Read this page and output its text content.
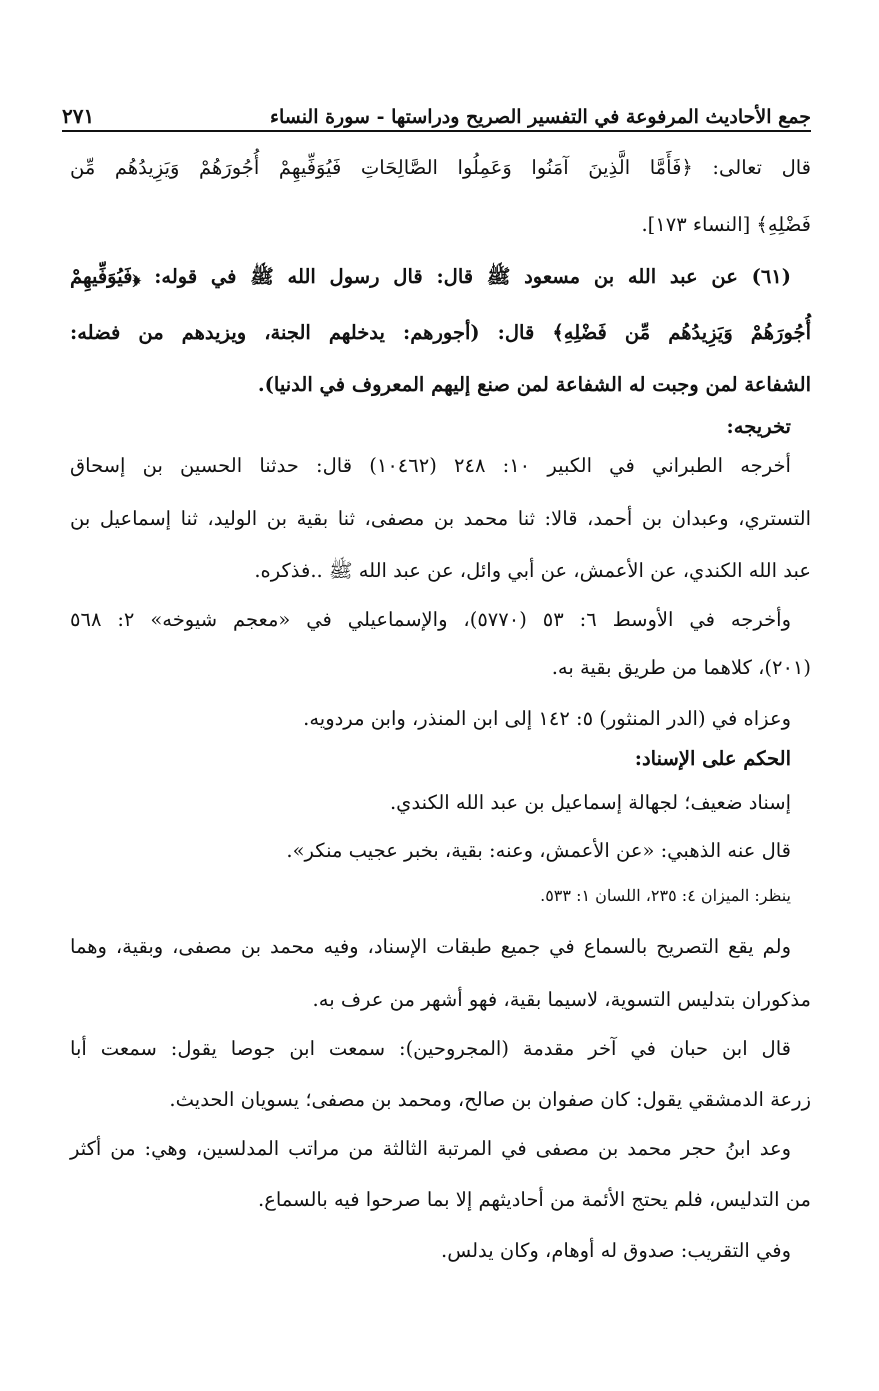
جمع الأحاديث المرفوعة في التفسير الصريح ودراستها - سورة النساء
٢٧١
قال تعالى: ﴿فَأَمَّا الَّذِينَ آمَنُوا وَعَمِلُوا الصَّالِحَاتِ فَيُوَفِّيهِمْ أُجُورَهُمْ وَيَزِيدُهُم مِّن
فَضْلِهِ﴾ [النساء ١٧٣].
(٦١) عن عبد الله بن مسعود ﷺ قال: قال رسول الله ﷺ في قوله: ﴿فَيُوَفِّيهِمْ
أُجُورَهُمْ وَيَزِيدُهُم مِّن فَضْلِهِ﴾ قال: (أجورهم: يدخلهم الجنة، ويزيدهم من فضله:
الشفاعة لمن وجبت له الشفاعة لمن صنع إليهم المعروف في الدنيا).
تخريجه:
أخرجه الطبراني في الكبير ١٠: ٢٤٨ (١٠٤٦٢) قال: حدثنا الحسين بن إسحاق
التستري، وعبدان بن أحمد، قالا: ثنا محمد بن مصفى، ثنا بقية بن الوليد، ثنا إسماعيل بن
عبد الله الكندي، عن الأعمش، عن أبي وائل، عن عبد الله ﷺ ..فذكره.
وأخرجه في الأوسط ٦: ٥٣ (٥٧٧٠)، والإسماعيلي في «معجم شيوخه» ٢: ٥٦٨
(٢٠١)، كلاهما من طريق بقية به.
وعزاه في (الدر المنثور) ٥: ١٤٢ إلى ابن المنذر، وابن مردويه.
الحكم على الإسناد:
إسناد ضعيف؛ لجهالة إسماعيل بن عبد الله الكندي.
قال عنه الذهبي: «عن الأعمش، وعنه: بقية، بخبر عجيب منكر».
ينظر: الميزان ٤: ٢٣٥، اللسان ١: ٥٣٣.
ولم يقع التصريح بالسماع في جميع طبقات الإسناد، وفيه محمد بن مصفى، وبقية، وهما
مذكوران بتدليس التسوية، لاسيما بقية، فهو أشهر من عرف به.
قال ابن حبان في آخر مقدمة (المجروحين): سمعت ابن جوصا يقول: سمعت أبا
زرعة الدمشقي يقول: كان صفوان بن صالح، ومحمد بن مصفى؛ يسويان الحديث.
وعد ابنُ حجر محمد بن مصفى في المرتبة الثالثة من مراتب المدلسين، وهي: من أكثر
من التدليس، فلم يحتج الأئمة من أحاديثهم إلا بما صرحوا فيه بالسماع.
وفي التقريب: صدوق له أوهام، وكان يدلس.
